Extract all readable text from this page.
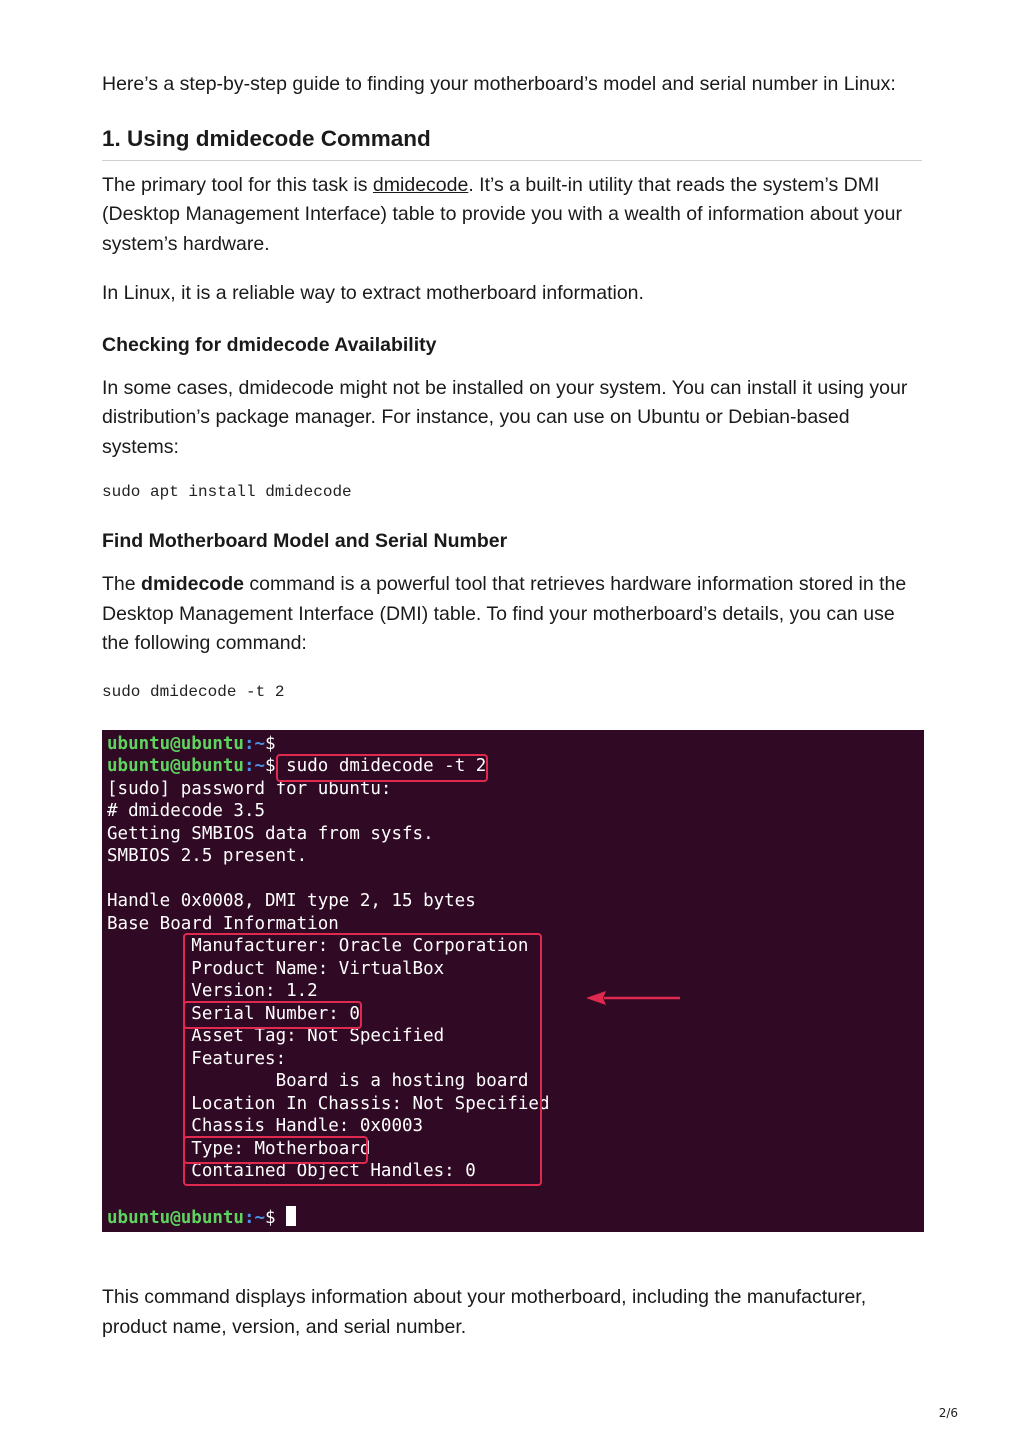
Here’s a step-by-step guide to finding your motherboard’s model and serial number in Linux:

1. Using dmidecode Command

The primary tool for this task is dmidecode. It’s a built-in utility that reads the system’s DMI (Desktop Management Interface) table to provide you with a wealth of information about your system’s hardware.

In Linux, it is a reliable way to extract motherboard information.

Checking for dmidecode Availability

In some cases, dmidecode might not be installed on your system. You can install it using your distribution’s package manager. For instance, you can use on Ubuntu or Debian-based systems:

sudo apt install dmidecode
Find Motherboard Model and Serial Number

The dmidecode command is a powerful tool that retrieves hardware information stored in the Desktop Management Interface (DMI) table. To find your motherboard’s details, you can use the following command:

sudo dmidecode -t 2
ubuntu@ubuntu:~$
ubuntu@ubuntu:~$ sudo dmidecode -t 2
[sudo] password for ubuntu:
# dmidecode 3.5
Getting SMBIOS data from sysfs.
SMBIOS 2.5 present.
Handle 0x0008, DMI type 2, 15 bytes
Base Board Information
Manufacturer: Oracle Corporation
Product Name: VirtualBox
Version: 1.2
Serial Number: 0
Asset Tag: Not Specified
Features:
Board is a hosting board
Location In Chassis: Not Specified
Chassis Handle: 0x0003
Type: Motherboard
Contained Object Handles: 0
ubuntu@ubuntu:~$

This command displays information about your motherboard, including the manufacturer, product name, version, and serial number.

2/6
